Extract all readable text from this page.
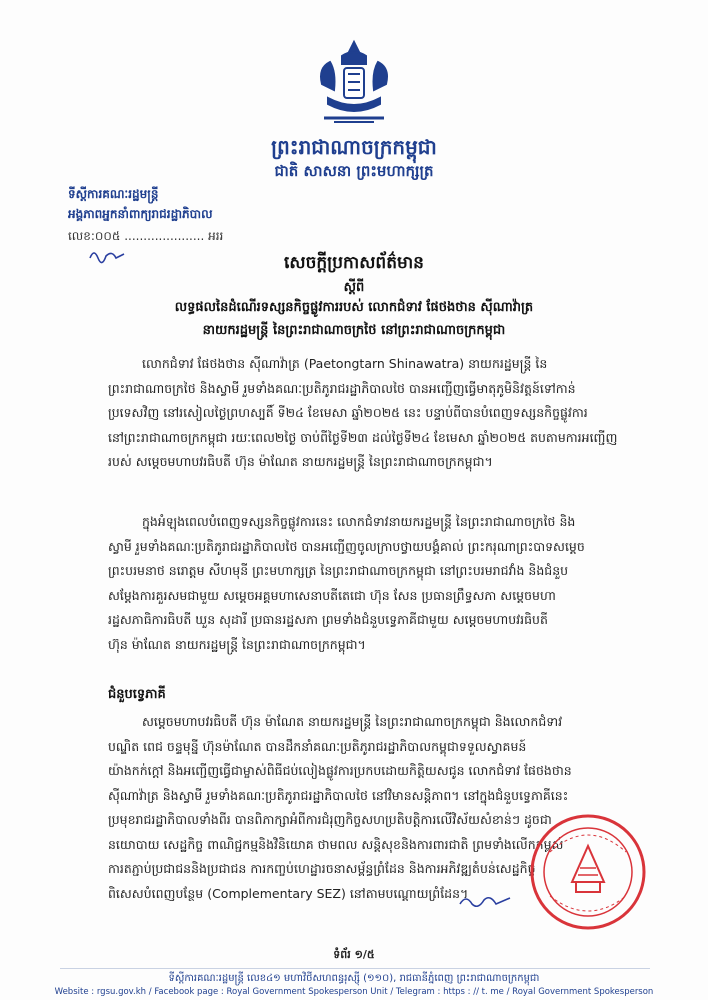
ព្រះរាជាណាចក្រកម្ពុជា
ជាតិ សាសនា ព្រះមហាក្សត្រ
ទីស្តីការគណៈរដ្ឋមន្ត្រី
អង្គភាពអ្នកនាំពាក្យរាជរដ្ឋាភិបាល
លេខ:០០៥ ..................... អររ
សេចក្តីប្រកាសព័ត៌មាន
ស្តីពី
លទ្ធផលនៃដំណើរទស្សនកិច្ចផ្លូវការរបស់ លោកជំទាវ ផែថងថាន ស៊ីណាវ៉ាត្រ
នាយករដ្ឋមន្ត្រី នៃព្រះរាជាណាចក្រថៃ នៅព្រះរាជាណាចក្រកម្ពុជា
លោកជំទាវ ផែថងថាន ស៊ីណាវ៉ាត្រ (Paetongtarn Shinawatra) នាយករដ្ឋមន្ត្រី នៃ
ព្រះរាជាណាចក្រថៃ និងស្វាមី រួមទាំងគណៈប្រតិភូរាជរដ្ឋាភិបាលថៃ បានអញ្ជើញធ្វើមាតុភូមិនិវត្តន៍ទៅកាន់
ប្រទេសវិញ នៅរសៀលថ្ងៃព្រហស្បតិ៍ ទី២៤ ខែមេសា ឆ្នាំ២០២៥ នេះ បន្ទាប់ពីបានបំពេញទស្សនកិច្ចផ្លូវការ
នៅព្រះរាជាណាចក្រកម្ពុជា រយៈពេល២ថ្ងៃ ចាប់ពីថ្ងៃទី២៣ ដល់ថ្ងៃទី២៤ ខែមេសា ឆ្នាំ២០២៥ តបតាមការអញ្ជើញ
របស់ សម្តេចមហាបវរធិបតី ហ៊ុន ម៉ាណែត នាយករដ្ឋមន្ត្រី នៃព្រះរាជាណាចក្រកម្ពុជា។
ក្នុងអំឡុងពេលបំពេញទស្សនកិច្ចផ្លូវការនេះ លោកជំទាវនាយករដ្ឋមន្ត្រី នៃព្រះរាជាណាចក្រថៃ និង
ស្វាមី រួមទាំងគណៈប្រតិភូរាជរដ្ឋាភិបាលថៃ បានអញ្ជើញចូលក្រាបថ្វាយបង្គំគាល់ ព្រះករុណាព្រះបាទសម្តេច
ព្រះបរមនាថ នរោត្តម សីហមុនី ព្រះមហាក្សត្រ នៃព្រះរាជាណាចក្រកម្ពុជា នៅព្រះបរមរាជវាំង និងជំនួប
សម្តែងការគួរសមជាមួយ សម្តេចអគ្គមហាសេនាបតីតេជោ ហ៊ុន សែន ប្រធានព្រឹទ្ធសភា សម្តេចមហា
រដ្ឋសភាធិការធិបតី ឃួន សុដារី ប្រធានរដ្ឋសភា ព្រមទាំងជំនួបទ្វេភាគីជាមួយ សម្តេចមហាបវរធិបតី
ហ៊ុន ម៉ាណែត នាយករដ្ឋមន្ត្រី នៃព្រះរាជាណាចក្រកម្ពុជា។
ជំនួបទ្វេភាគី
សម្តេចមហាបវរធិបតី ហ៊ុន ម៉ាណែត នាយករដ្ឋមន្ត្រី នៃព្រះរាជាណាចក្រកម្ពុជា និងលោកជំទាវ
បណ្ឌិត ពេជ ចន្ទមុន្នី ហ៊ុនម៉ាណែត បានដឹកនាំគណៈប្រតិភូរាជរដ្ឋាភិបាលកម្ពុជាទទួលស្វាគមន៍
យ៉ាងកក់ក្តៅ និងអញ្ជើញធ្វើជាម្ចាស់ពិធីជប់លៀងផ្លូវការប្រកបដោយកិត្តិយសជូន លោកជំទាវ ផែថងថាន
ស៊ីណាវ៉ាត្រ និងស្វាមី រួមទាំងគណៈប្រតិភូរាជរដ្ឋាភិបាលថៃ នៅវិមានសន្តិភាព។ នៅក្នុងជំនួបទ្វេភាគីនេះ
ប្រមុខរាជរដ្ឋាភិបាលទាំងពីរ បានពិភាក្សាអំពីការជំរុញកិច្ចសហប្រតិបត្តិការលើវិស័យសំខាន់ៗ ដូចជា
នយោបាយ សេដ្ឋកិច្ច ពាណិជ្ជកម្មនិងវិនិយោគ ថាមពល សន្តិសុខនិងការពារជាតិ ព្រមទាំងលើកកម្ពស់
ការតភ្ជាប់ប្រជាជននិងប្រជាជន ការកញ្ចប់ហេដ្ឋារចនាសម្ព័ន្ធព្រំដែន និងការអភិវឌ្ឍតំបន់សេដ្ឋកិច្ច
ពិសេសបំពេញបន្ថែម (Complementary SEZ) នៅតាមបណ្តោយព្រំដែន។
ទំព័រ ១/៥
ទីស្តីការគណៈរដ្ឋមន្ត្រី លេខ៤១ មហាវិថីសហពន្ធរុស្ស៊ី (១១០), រាជធានីភ្នំពេញ ព្រះរាជាណាចក្រកម្ពុជា
Website : rgsu.gov.kh / Facebook page : Royal Government Spokesperson Unit / Telegram : https : // t. me / Royal Government Spokesperson
